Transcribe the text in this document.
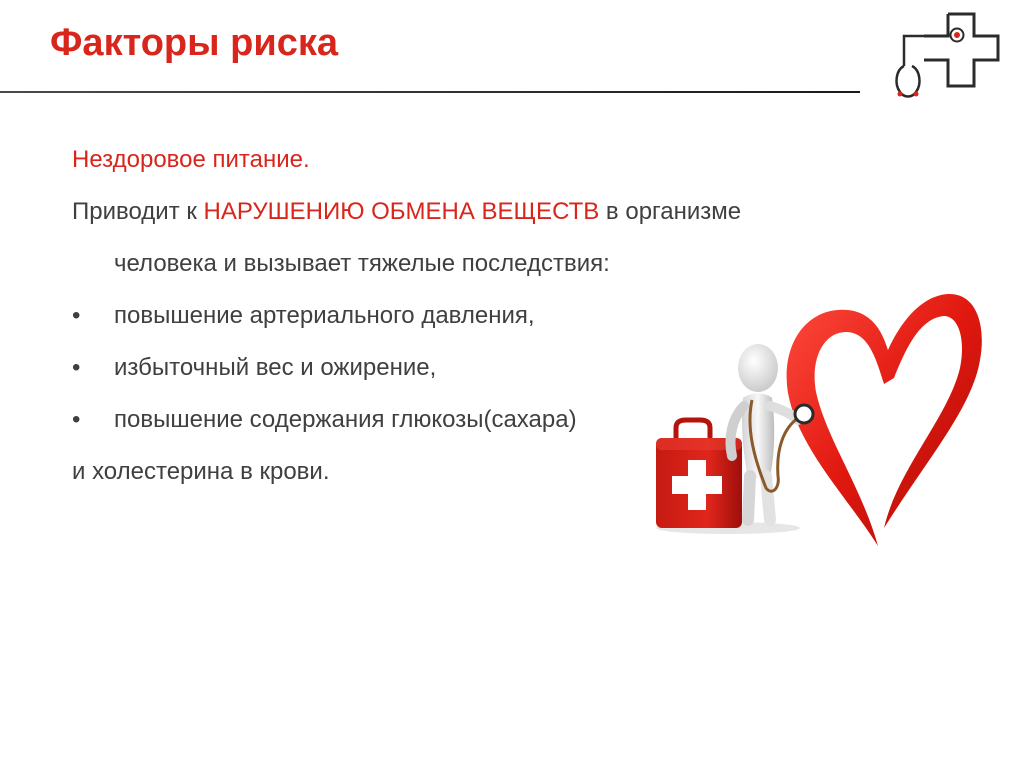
Факторы риска
Нездоровое питание.
Приводит к НАРУШЕНИЮ ОБМЕНА ВЕЩЕСТВ в организме
человека и вызывает тяжелые последствия:
• повышение артериального давления,
• избыточный вес и ожирение,
• повышение содержания глюкозы(сахара)
и холестерина в крови.
